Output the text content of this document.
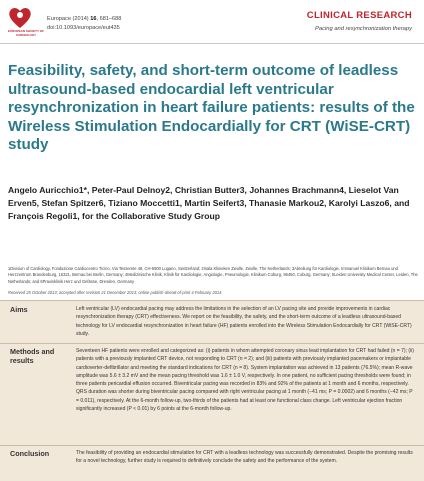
EUROPEAN SOCIETY OF CARDIOLOGY
Europace (2014) 16, 681–688
doi:10.1093/europace/eut435
CLINICAL RESEARCH
Pacing and resynchronization therapy
Feasibility, safety, and short-term outcome of leadless ultrasound-based endocardial left ventricular resynchronization in heart failure patients: results of the Wireless Stimulation Endocardially for CRT (WiSE-CRT) study
Angelo Auricchio1*, Peter-Paul Delnoy2, Christian Butter3, Johannes Brachmann4, Lieselot Van Erven5, Stefan Spitzer6, Tiziano Moccetti1, Martin Seifert3, Thanasie Markou2, Karolyi Laszo6, and François Regoli1, for the Collaborative Study Group
1Division of Cardiology, Fondazione Cardiocentro Ticino, Via Tesserete 48, CH-6900 Lugano, Switzerland; 2Isala Klinieken Zwolle, Zwolle, The Netherlands; 3Abteilung für Kardiologie, Immanuel Klinikum Bernau und Herzzentrum Brandenburg, 16321, Bernau bei Berlin, Germany; 4Medizinische Klinik, Klinik für Kardiologie, Angiologie, Pneumologie, Klinikum Coburg, 96450, Coburg, Germany; 5Leiden University Medical Center, Leiden, The Netherlands; and 6Praxisklinik Herz und Gefässe, Dresden, Germany
Received 25 October 2013; accepted after revision 21 December 2013; online publish-ahead-of-print 4 February 2014
Aims	Left ventricular (LV) endocardial pacing may address the limitations in the selection of an LV pacing site and provide improvements in cardiac resynchronization therapy (CRT) effectiveness. We report on the feasibility, the safety, and the short-term outcome of a leadless ultrasound-based technology for LV endocardial resynchronization in heart failure (HF) patients enrolled into the Wireless Stimulation Endocardially for CRT (WiSE-CRT) study.
Methods and results
Seventeen HF patients were enrolled and categorized as: (i) patients in whom attempted coronary sinus lead implantation for CRT had failed (n = 7); (ii) patients with a previously implanted CRT device, not responding to CRT (n = 2); and (iii) patients with previously implanted pacemakers or implantable cardioverter-defibrillator and meeting the standard indications for CRT (n = 8). System implantation was achieved in 13 patients (76.5%); mean R-wave amplitude was 5.6 ± 3.2 mV and the mean pacing threshold was 1.6 ± 1.0 V, respectively. In one patient, no sufficient pacing thresholds were found; in three patients pericardial effusion occurred. Biventricular pacing was recorded in 83% and 92% of the patients at 1 month and 6 months, respectively. QRS duration was shorter during biventricular pacing compared with right ventricular pacing at 1 month (−41 ms; P = 0.0002) and 6 months (−42 ms; P = 0.011), respectively. At the 6-month follow-up, two-thirds of the patients had at least one functional class change. Left ventricular ejection fraction significantly increased (P < 0.01) by 6 points at the 6-month follow-up.
Conclusion	The feasibility of providing an endocardial stimulation for CRT with a leadless technology was successfully demonstrated. Despite the promising results for a novel technology, further study is required to definitively conclude the safety and the performance of the system.
